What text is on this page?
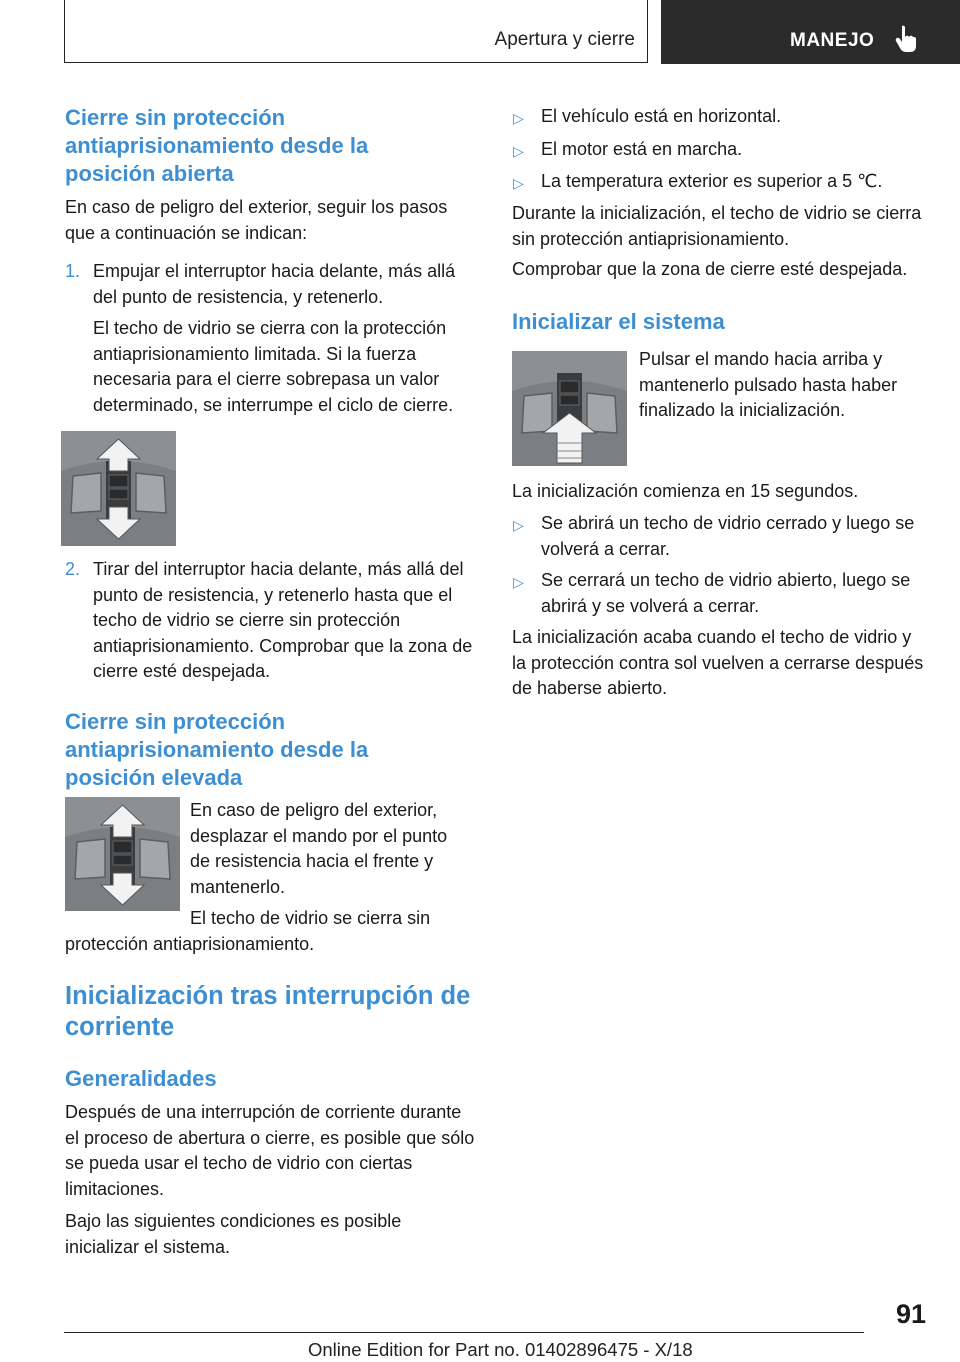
Apertura y cierre	MANEJO
Cierre sin protección antiaprisionamiento desde la posición abierta
En caso de peligro del exterior, seguir los pasos que a continuación se indican:
1. Empujar el interruptor hacia delante, más allá del punto de resistencia, y retenerlo.
El techo de vidrio se cierra con la protección antiaprisionamiento limitada. Si la fuerza necesaria para el cierre sobrepasa un valor determinado, se interrumpe el ciclo de cierre.
2. Tirar del interruptor hacia delante, más allá del punto de resistencia, y retenerlo hasta que el techo de vidrio se cierre sin protección antiaprisionamiento. Comprobar que la zona de cierre esté despejada.
Cierre sin protección antiaprisionamiento desde la posición elevada
En caso de peligro del exterior, desplazar el mando por el punto de resistencia hacia el frente y mantenerlo.
El techo de vidrio se cierra sin protección antiaprisionamiento.
Inicialización tras interrupción de corriente
Generalidades
Después de una interrupción de corriente durante el proceso de abertura o cierre, es posible que sólo se pueda usar el techo de vidrio con ciertas limitaciones.
Bajo las siguientes condiciones es posible inicializar el sistema.
▷ El vehículo está en horizontal.
▷ El motor está en marcha.
▷ La temperatura exterior es superior a 5 ℃.
Durante la inicialización, el techo de vidrio se cierra sin protección antiaprisionamiento.
Comprobar que la zona de cierre esté despejada.
Inicializar el sistema
Pulsar el mando hacia arriba y mantenerlo pulsado hasta haber finalizado la inicialización.
La inicialización comienza en 15 segundos.
▷ Se abrirá un techo de vidrio cerrado y luego se volverá a cerrar.
▷ Se cerrará un techo de vidrio abierto, luego se abrirá y se volverá a cerrar.
La inicialización acaba cuando el techo de vidrio y la protección contra sol vuelven a cerrarse después de haberse abierto.
91
Online Edition for Part no. 01402896475 - X/18
